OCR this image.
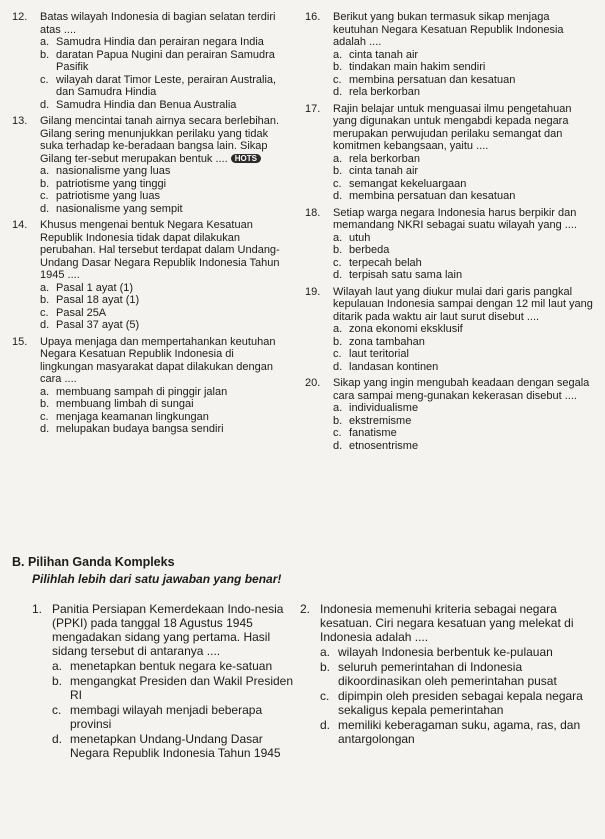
12.	Batas wilayah Indonesia di bagian selatan terdiri atas ....
a. Samudra Hindia dan perairan negara India
b. daratan Papua Nugini dan perairan Samudra Pasifik
c. wilayah darat Timor Leste, perairan Australia, dan Samudra Hindia
d. Samudra Hindia dan Benua Australia
13.	Gilang mencintai tanah airnya secara berlebihan. Gilang sering menunjukkan perilaku yang tidak suka terhadap ke-beradaan bangsa lain. Sikap Gilang ter-sebut merupakan bentuk .... HOTS
a. nasionalisme yang luas
b. patriotisme yang tinggi
c. patriotisme yang luas
d. nasionalisme yang sempit
14.	Khusus mengenai bentuk Negara Kesatuan Republik Indonesia tidak dapat dilakukan perubahan. Hal tersebut terdapat dalam Undang-Undang Dasar Negara Republik Indonesia Tahun 1945 ....
a. Pasal 1 ayat (1)
b. Pasal 18 ayat (1)
c. Pasal 25A
d. Pasal 37 ayat (5)
15.	Upaya menjaga dan mempertahankan keutuhan Negara Kesatuan Republik Indonesia di lingkungan masyarakat dapat dilakukan dengan cara ....
a. membuang sampah di pinggir jalan
b. membuang limbah di sungai
c. menjaga keamanan lingkungan
d. melupakan budaya bangsa sendiri
16.	Berikut yang bukan termasuk sikap menjaga keutuhan Negara Kesatuan Republik Indonesia adalah ....
a. cinta tanah air
b. tindakan main hakim sendiri
c. membina persatuan dan kesatuan
d. rela berkorban
17.	Rajin belajar untuk menguasai ilmu pengetahuan yang digunakan untuk mengabdi kepada negara merupakan perwujudan perilaku semangat dan komitmen kebangsaan, yaitu ....
a. rela berkorban
b. cinta tanah air
c. semangat kekeluargaan
d. membina persatuan dan kesatuan
18.	Setiap warga negara Indonesia harus berpikir dan memandang NKRI sebagai suatu wilayah yang ....
a. utuh
b. berbeda
c. terpecah belah
d. terpisah satu sama lain
19.	Wilayah laut yang diukur mulai dari garis pangkal kepulauan Indonesia sampai dengan 12 mil laut yang ditarik pada waktu air laut surut disebut ....
a. zona ekonomi eksklusif
b. zona tambahan
c. laut teritorial
d. landasan kontinen
20.	Sikap yang ingin mengubah keadaan dengan segala cara sampai meng-gunakan kekerasan disebut ....
a. individualisme
b. ekstremisme
c. fanatisme
d. etnosentrisme
B. Pilihan Ganda Kompleks
Pilihlah lebih dari satu jawaban yang benar!
1. Panitia Persiapan Kemerdekaan Indo-nesia (PPKI) pada tanggal 18 Agustus 1945 mengadakan sidang yang pertama. Hasil sidang tersebut di antaranya ....
a. menetapkan bentuk negara ke-satuan
b. mengangkat Presiden dan Wakil Presiden RI
c. membagi wilayah menjadi beberapa provinsi
d. menetapkan Undang-Undang Dasar Negara Republik Indonesia Tahun 1945
2. Indonesia memenuhi kriteria sebagai negara kesatuan. Ciri negara kesatuan yang melekat di Indonesia adalah ....
a. wilayah Indonesia berbentuk ke-pulauan
b. seluruh pemerintahan di Indonesia dikoordinasikan oleh pemerintahan pusat
c. dipimpin oleh presiden sebagai kepala negara sekaligus kepala pemerintahan
d. memiliki keberagaman suku, agama, ras, dan antargolongan
